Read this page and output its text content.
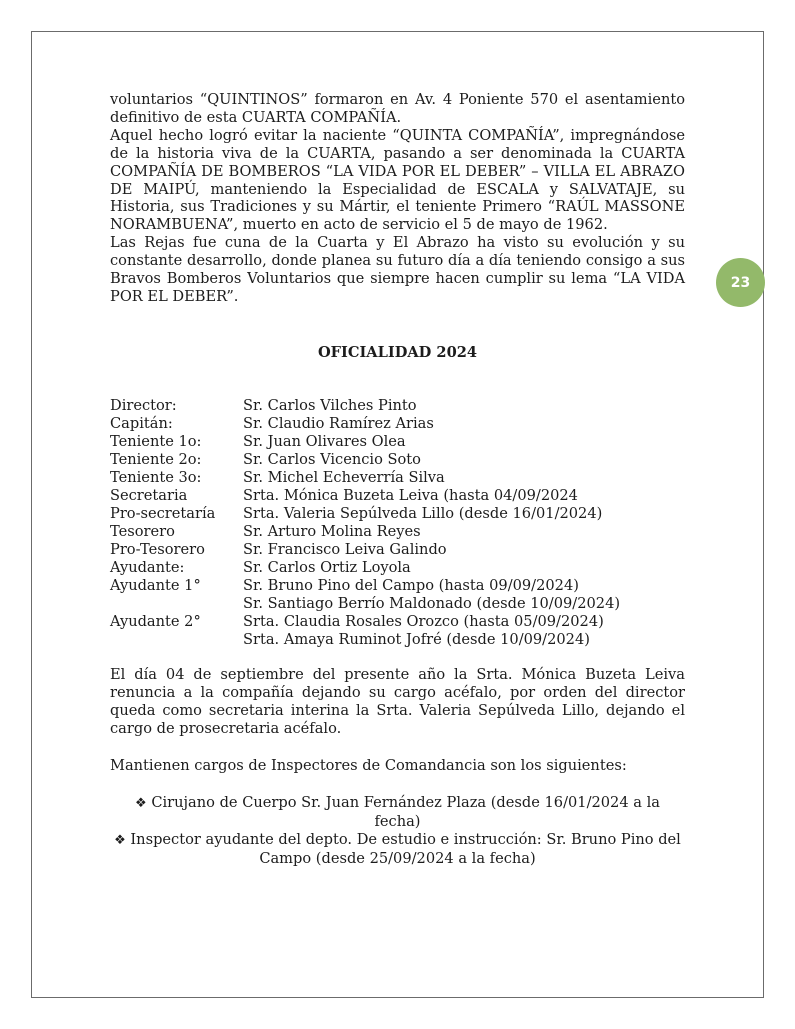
23

voluntarios “QUINTINOS” formaron en Av. 4 Poniente 570 el asentamiento definitivo de esta CUARTA COMPAÑÍA.

Aquel hecho logró evitar la naciente “QUINTA COMPAÑÍA”, impregnándose de la historia viva de la CUARTA, pasando a ser denominada la CUARTA COMPAÑÍA DE BOMBEROS “LA VIDA POR EL DEBER” – VILLA EL ABRAZO DE MAIPÚ, manteniendo la Especialidad de ESCALA y SALVATAJE, su Historia, sus Tradiciones y su Mártir, el teniente Primero “RAÚL MASSONE NORAMBUENA”, muerto en acto de servicio el 5 de mayo de 1962.

Las Rejas fue cuna de la Cuarta y El Abrazo ha visto su evolución y su constante desarrollo, donde planea su futuro día a día teniendo consigo a sus Bravos Bomberos Voluntarios que siempre hacen cumplir su lema “LA VIDA POR EL DEBER”.

OFICIALIDAD 2024
Director:	Sr. Carlos Vilches Pinto
Capitán:	Sr. Claudio Ramírez Arias
Teniente 1o:	Sr. Juan Olivares Olea
Teniente 2o:	Sr. Carlos Vicencio Soto
Teniente 3o:	Sr. Michel Echeverría Silva
Secretaria	Srta. Mónica Buzeta Leiva (hasta 04/09/2024
Pro-secretaría	Srta. Valeria Sepúlveda Lillo (desde 16/01/2024)
Tesorero	Sr. Arturo Molina Reyes
Pro-Tesorero	Sr. Francisco Leiva Galindo
Ayudante:	Sr. Carlos Ortiz Loyola
Ayudante 1°	Sr. Bruno Pino del Campo (hasta 09/09/2024)
Sr. Santiago Berrío Maldonado (desde 10/09/2024)
Ayudante 2°	Srta. Claudia Rosales Orozco (hasta 05/09/2024)
Srta. Amaya Ruminot Jofré (desde 10/09/2024)

El día 04 de septiembre del presente año la Srta. Mónica Buzeta Leiva renuncia a la compañía dejando su cargo acéfalo, por orden del director queda como secretaria interina la Srta. Valeria Sepúlveda Lillo, dejando el cargo de prosecretaria acéfalo.

Mantienen cargos de Inspectores de Comandancia son los siguientes:

❖ Cirujano de Cuerpo Sr. Juan Fernández Plaza (desde 16/01/2024 a la fecha)

❖ Inspector ayudante del depto. De estudio e instrucción: Sr. Bruno Pino del Campo (desde 25/09/2024 a la fecha)
